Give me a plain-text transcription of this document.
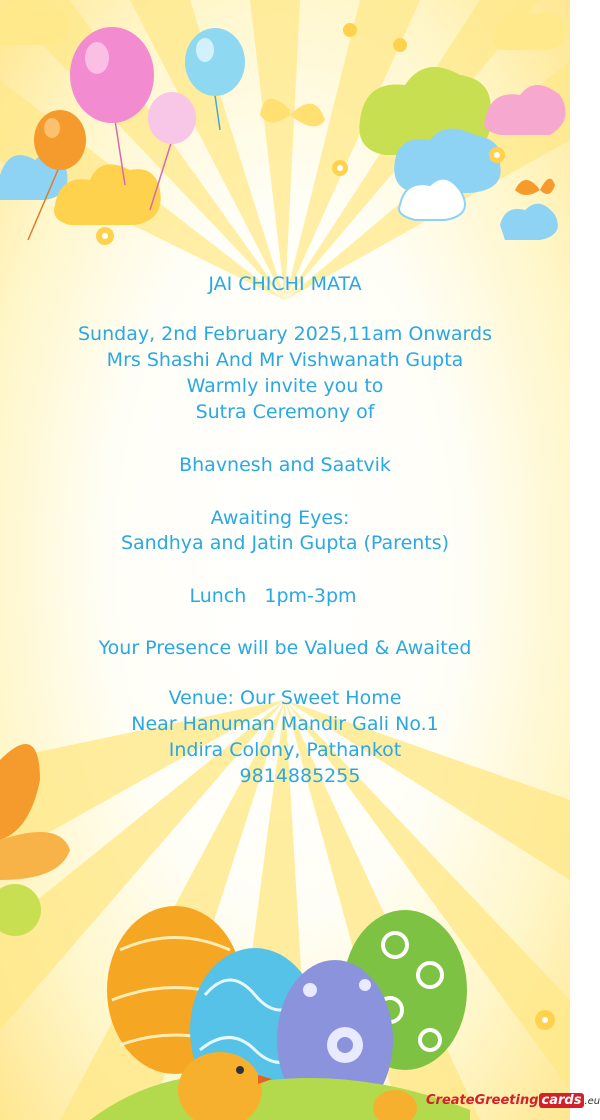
JAI CHICHI MATA
Sunday, 2nd February 2025,11am Onwards
Mrs Shashi And Mr Vishwanath Gupta
Warmly invite you to
Sutra Ceremony of
Bhavnesh and Saatvik
Awaiting Eyes:
Sandhya and Jatin Gupta (Parents)
Lunch   1pm-3pm
Your Presence will be Valued & Awaited
Venue: Our Sweet Home
Near Hanuman Mandir Gali No.1
Indira Colony, Pathankot
9814885255
CreateGreeting cards .eu
